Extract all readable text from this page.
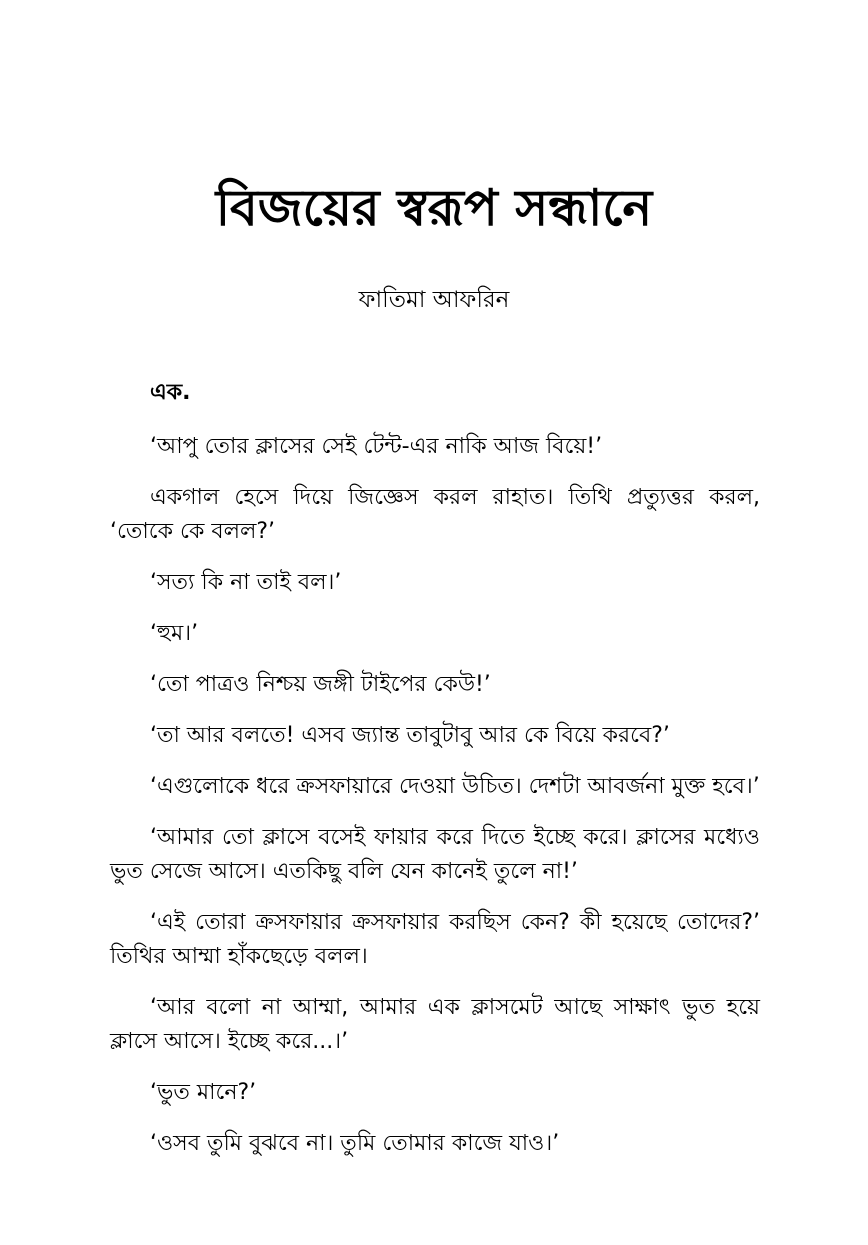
বিজয়ের স্বরূপ সন্ধানে
ফাতিমা আফরিন
এক.

‘আপু তোর ক্লাসের সেই টেন্ট-এর নাকি আজ বিয়ে!’

একগাল হেসে দিয়ে জিজ্ঞেস করল রাহাত। তিথি প্রত্যুত্তর করল, ‘তোকে কে বলল?’

‘সত্য কি না তাই বল।’

‘হুম।’

‘তো পাত্রও নিশ্চয় জঙ্গী টাইপের কেউ!’

‘তা আর বলতে! এসব জ্যান্ত তাবুটাবু আর কে বিয়ে করবে?’

‘এগুলোকে ধরে ক্রসফায়ারে দেওয়া উচিত। দেশটা আবর্জনা মুক্ত হবে।’

‘আমার তো ক্লাসে বসেই ফায়ার করে দিতে ইচ্ছে করে। ক্লাসের মধ্যেও ভুত সেজে আসে। এতকিছু বলি যেন কানেই তুলে না!’

‘এই তোরা ক্রসফায়ার ক্রসফায়ার করছিস কেন? কী হয়েছে তোদের?’ তিথির আম্মা হাঁকছেড়ে বলল।

‘আর বলো না আম্মা, আমার এক ক্লাসমেট আছে সাক্ষাৎ ভুত হয়ে ক্লাসে আসে। ইচ্ছে করে...।’

‘ভুত মানে?’

‘ওসব তুমি বুঝবে না। তুমি তোমার কাজে যাও।’
